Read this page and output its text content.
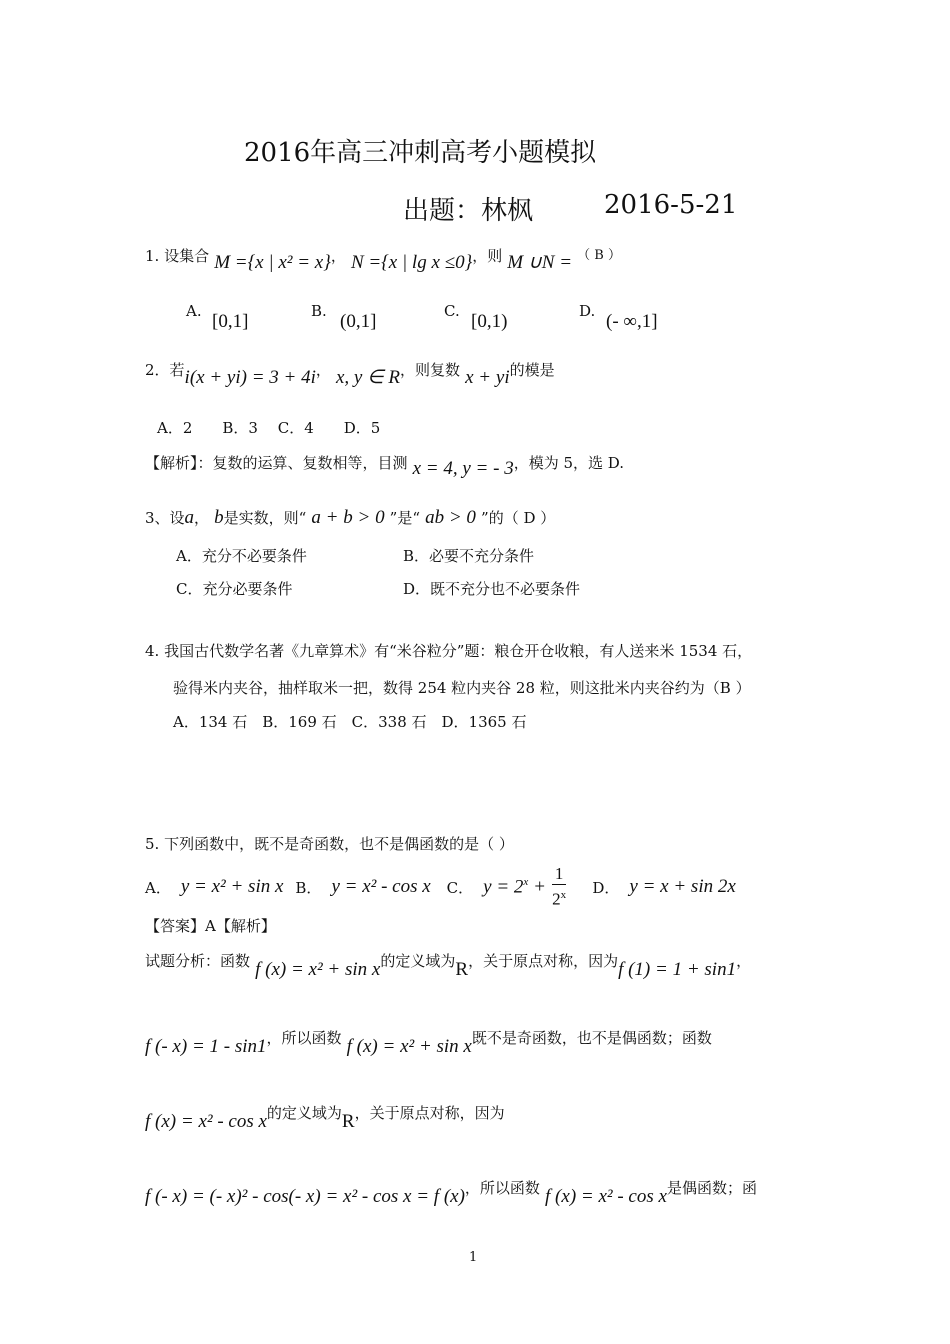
2016年高三冲刺高考小题模拟
出题：林枫	2016-5-21
1. 设集合 M ={x | x² = x}， N ={x | lg x ≤0}，则 M ∪N = （ B ）
A. [0,1]	B. (0,1]	C. [0,1)	D. (- ∞,1]
2．若i(x + yi) = 3 + 4i， x, y ∈ R，则复数 x + yi的模是
A．2　　B．3　 C．4　　D．5
【解析】：复数的运算、复数相等，目测 x = 4, y = - 3，模为 5，选 D.
3、设a， b是实数，则“ a + b > 0 ”是“ ab > 0 ”的（ D ）
A．充分不必要条件	B．必要不充分条件
C．充分必要条件	D．既不充分也不必要条件
4. 我国古代数学名著《九章算术》有“米谷粒分”题：粮仓开仓收粮，有人送来米 1534 石，
验得米内夹谷，抽样取米一把，数得 254 粒内夹谷 28 粒，则这批米内夹谷约为（B ）
A．134 石　B．169 石　C．338 石　D．1365 石
5. 下列函数中，既不是奇函数，也不是偶函数的是（ ）
A． y = x² + sin x B． y = x² - cos x C． $y = 2^x + \frac{1}{2^x}$ D． y = x + sin 2x
【答案】A【解析】
试题分析：函数 f (x) = x² + sin x的定义域为R，关于原点对称，因为f (1) = 1 + sin1，
f (- x) = 1 - sin1，所以函数 f (x) = x² + sin x既不是奇函数，也不是偶函数；函数
f (x) = x² - cos x的定义域为R，关于原点对称，因为
f (- x) = (- x)² - cos(- x) = x² - cos x = f (x)，所以函数 f (x) = x² - cos x是偶函数；函
1
